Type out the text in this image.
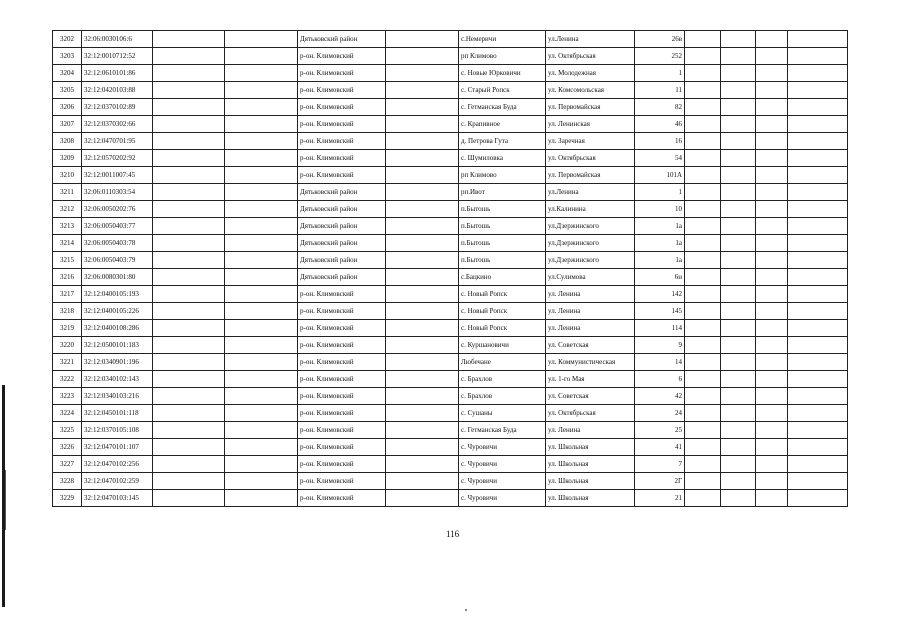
3202	32:06:0030106:6			Дятьковский район		с.Немеричи	ул.Ленина	26в				
3203	32:12:0010712:52			р-он. Климовский		рп Климово	ул. Октябрьская	252				
3204	32:12:0610101:86			р-он. Климовский		с. Новые Юрковичи	ул. Молодежная	1				
3205	32:12:0420103:88			р-он. Климовский		с. Старый Ропск	ул. Комсомольская	11				
3206	32:12:0370102:89			р-он. Климовский		с. Гетманская Буда	ул. Первомайская	82				
3207	32:12:0370302:66			р-он. Климовский		с. Крапивное	ул. Ленинская	46				
3208	32:12:0470701:95			р-он. Климовский		д. Петрова Гута	ул. Заречная	16				
3209	32:12:0570202:92			р-он. Климовский		с. Шумиловка	ул. Октябрьская	54				
3210	32:12:0011007:45			р-он. Климовский		рп Климово	ул. Первомайская	101А				
3211	32:06:0110303:54			Дятьковский район		рп.Ивот	ул.Ленина	1				
3212	32:06:0050202:76			Дятьковский район		п.Бытошь	ул.Калинина	10				
3213	32:06:0050403:77			Дятьковский район		п.Бытошь	ул.Дзержинского	1а				
3214	32:06:0050403:78			Дятьковский район		п.Бытошь	ул.Дзержинского	1а				
3215	32:06:0050403:79			Дятьковский район		п.Бытошь	ул.Дзержинского	1а				
3216	32:06:0080301:80			Дятьковский район		с.Бацкино	ул.Сулимова	6н				
3217	32:12:0400105:193			р-он. Климовский		с. Новый Ропск	ул. Ленина	142				
3218	32:12:0400105:226			р-он. Климовский		с. Новый Ропск	ул. Ленина	145				
3219	32:12:0400108:286			р-он. Климовский		с. Новый Ропск	ул. Ленина	114				
3220	32:12:0500101:183			р-он. Климовский		с. Куршановичи	ул. Советская	9				
3221	32:12:0340901:196			р-он. Климовский		Любечане	ул. Коммунистическая	14				
3222	32:12:0340102:143			р-он. Климовский		с. Брахлов	ул. 1-го Мая	6				
3223	32:12:0340103:216			р-он. Климовский		с. Брахлов	ул. Советская	42				
3224	32:12:0450101:118			р-он. Климовский		с. Сушаны	ул. Октябрьская	24				
3225	32:12:0370105:108			р-он. Климовский		с. Гетманская Буда	ул. Ленина	25				
3226	32:12:0470101:107			р-он. Климовский		с. Чуровичи	ул. Школьная	41				
3227	32:12:0470102:256			р-он. Климовский		с. Чуровичи	ул. Школьная	7				
3228	32:12:0470102:259			р-он. Климовский		с. Чуровичи	ул. Школьная	2Г				
3229	32:12:0470103:145			р-он. Климовский		с. Чуровичи	ул. Школьная	21				
116
